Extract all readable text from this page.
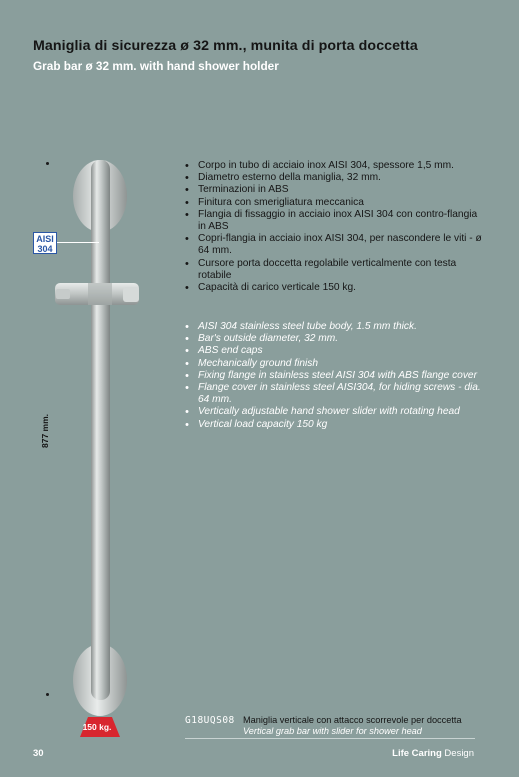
Maniglia di sicurezza ø 32 mm., munita di porta doccetta
Grab bar ø 32 mm. with hand shower holder
877 mm.
AISI
304
150 kg.
• Corpo in tubo di acciaio inox AISI 304, spessore 1,5 mm.
• Diametro esterno della maniglia, 32 mm.
• Terminazioni in ABS
• Finitura con smerigliatura meccanica
• Flangia di fissaggio in acciaio inox AISI 304 con contro-flangia in ABS
• Copri-flangia in acciaio inox AISI 304, per nascondere le viti - ø 64 mm.
• Cursore porta doccetta regolabile verticalmente con testa rotabile
• Capacità di carico verticale 150 kg.
• AISI 304 stainless steel tube body, 1.5 mm thick.
• Bar's outside diameter, 32 mm.
• ABS end caps
• Mechanically ground finish
• Fixing flange in stainless steel AISI 304 with ABS flange cover
• Flange cover in stainless steel AISI304, for hiding screws - dia. 64 mm.
• Vertically adjustable hand shower slider with rotating head
• Vertical load capacity 150 kg
G18UQS08 Maniglia verticale con attacco scorrevole per doccetta
Vertical grab bar with slider for shower head
30	Life Caring Design
